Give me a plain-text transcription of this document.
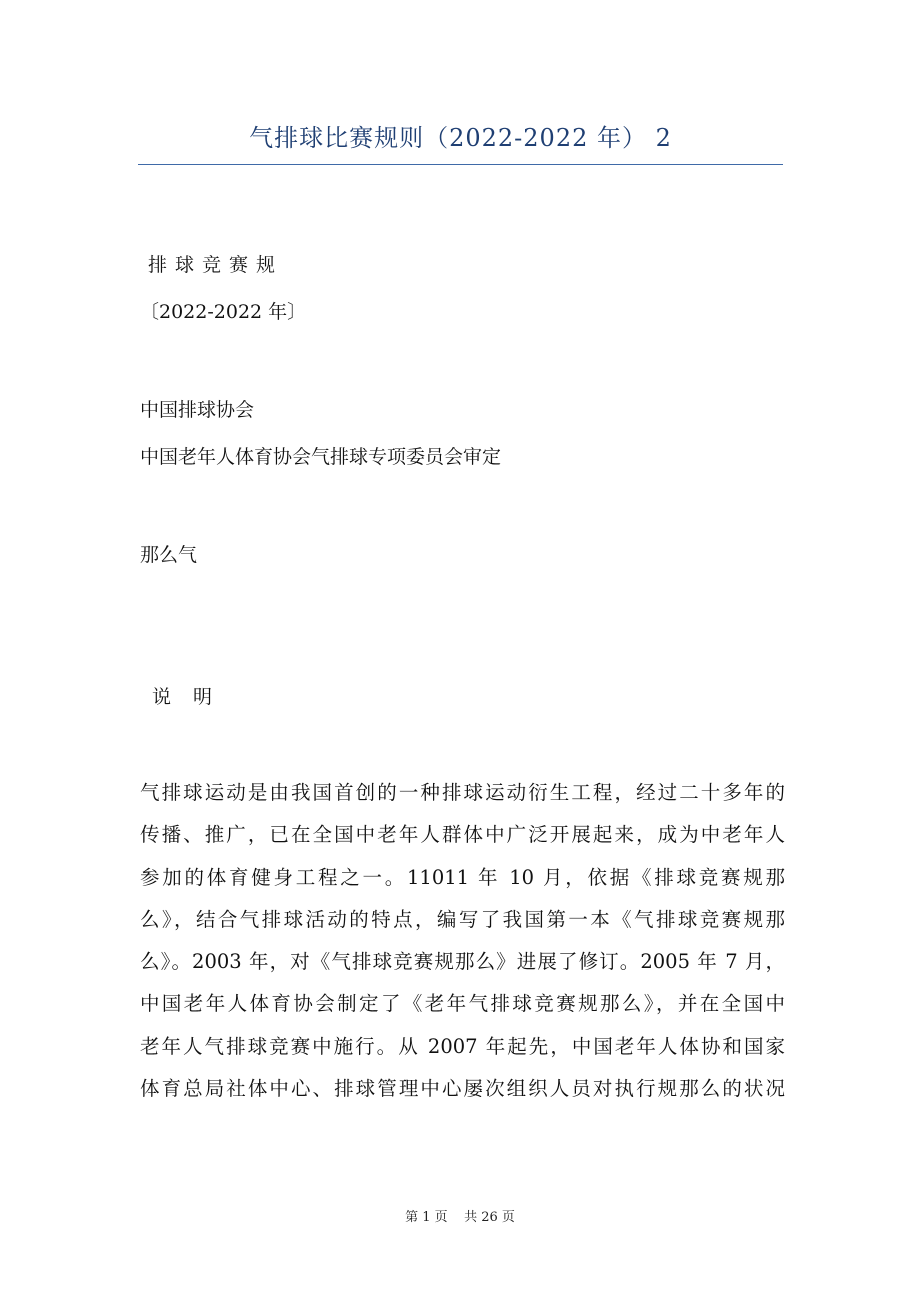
气排球比赛规则（2022-2022 年） 2
排球竞赛规
〔2022-2022 年〕
中国排球协会
中国老年人体育协会气排球专项委员会审定
那么气
说明
气排球运动是由我国首创的一种排球运动衍生工程，经过二十多年的
传播、推广，已在全国中老年人群体中广泛开展起来，成为中老年人
参加的体育健身工程之一。11011 年 10 月，依据《排球竞赛规那
么》，结合气排球活动的特点，编写了我国第一本《气排球竞赛规那
么》。2003 年，对《气排球竞赛规那么》进展了修订。2005 年 7 月，
中国老年人体育协会制定了《老年气排球竞赛规那么》，并在全国中
老年人气排球竞赛中施行。从 2007 年起先，中国老年人体协和国家
体育总局社体中心、排球管理中心屡次组织人员对执行规那么的状况
第 1 页    共 26 页
